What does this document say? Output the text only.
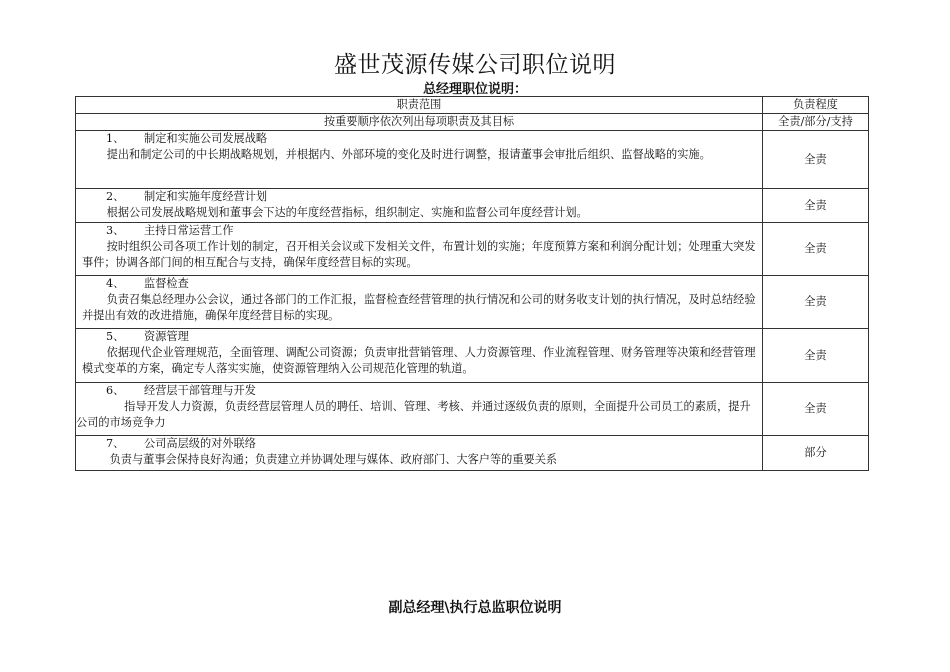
盛世茂源传媒公司职位说明
总经理职位说明：
职责范围	负责程度
按重要顺序依次列出每项职责及其目标	全责/部分/支持

1、 制定和实施公司发展战略
提出和制定公司的中长期战略规划，并根据内、外部环境的变化及时进行调整，报请董事会审批后组织、监督战略的实施。	全责

2、 制定和实施年度经营计划
根据公司发展战略规划和董事会下达的年度经营指标，组织制定、实施和监督公司年度经营计划。	全责

3、 主持日常运营工作
按时组织公司各项工作计划的制定，召开相关会议或下发相关文件，布置计划的实施；年度预算方案和利润分配计划；处理重大突发事件；协调各部门间的相互配合与支持，确保年度经营目标的实现。	全责

4、 监督检查
负责召集总经理办公会议，通过各部门的工作汇报，监督检查经营管理的执行情况和公司的财务收支计划的执行情况，及时总结经验并提出有效的改进措施，确保年度经营目标的实现。	全责

5、 资源管理
依据现代企业管理规范，全面管理、调配公司资源；负责审批营销管理、人力资源管理、作业流程管理、财务管理等决策和经营管理模式变革的方案，确定专人落实实施，使资源管理纳入公司规范化管理的轨道。	全责

6、 经营层干部管理与开发
指导开发人力资源，负责经营层管理人员的聘任、培训、管理、考核、并通过逐级负责的原则，全面提升公司员工的素质，提升公司的市场竞争力	全责

7、 公司高层级的对外联络
负责与董事会保持良好沟通；负责建立并协调处理与媒体、政府部门、大客户等的重要关系	部分
副总经理\执行总监职位说明
